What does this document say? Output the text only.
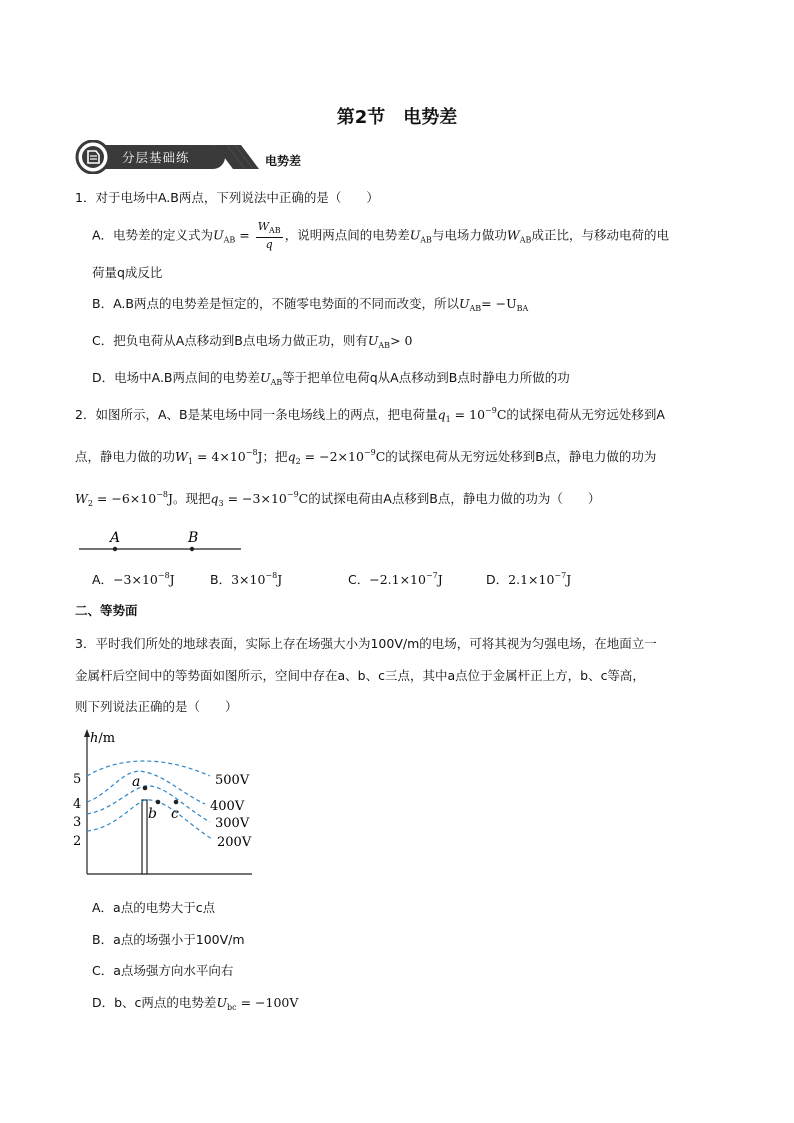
第2节　电势差
分层基础练	电势差
1．对于电场中A.B两点，下列说法中正确的是（　　）
A．电势差的定义式为$U_{AB} = \frac{W_{AB}}{q}$ ，说明两点间的电势差$U_{AB}$与电场力做功$W_{AB}$成正比，与移动电荷的电
荷量q成反比
B．A.B两点的电势差是恒定的，不随零电势面的不同而改变，所以$U_{AB}= -U_{BA}$
C．把负电荷从A点移动到B点电场力做正功，则有$U_{AB}> 0$
D．电场中A.B两点间的电势差$U_{AB}$等于把单位电荷q从A点移动到B点时静电力所做的功
2．如图所示，A、B是某电场中同一条电场线上的两点，把电荷量$q_1 = 10^{-9}C$的试探电荷从无穷远处移到A
点，静电力做的功$W_1 = 4\times 10^{-8}J$；把$q_2 = -2\times 10^{-9}C$的试探电荷从无穷远处移到B点，静电力做的功为
$W_2 = -6\times 10^{-8}J$。现把$q_3 = -3\times 10^{-9}C$的试探电荷由A点移到B点，静电力做的功为（　　）
A	B
A．$-3\times 10^{-8}J$	B．$3\times 10^{-8}J$	C．$-2.1\times 10^{-7}J$	D．$2.1\times 10^{-7}J$
二、等势面
3．平时我们所处的地球表面，实际上存在场强大小为100V/m的电场，可将其视为匀强电场，在地面立一
金属杆后空间中的等势面如图所示，空间中存在a、b、c三点，其中a点位于金属杆正上方，b、c等高，
则下列说法正确的是（　　）
h/m
5
4
3
2
500V
400V
300V
200V
a
b c
A．a点的电势大于c点
B．a点的场强小于100V/m
C．a点场强方向水平向右
D．b、c两点的电势差$U_{bc} = -100V$
